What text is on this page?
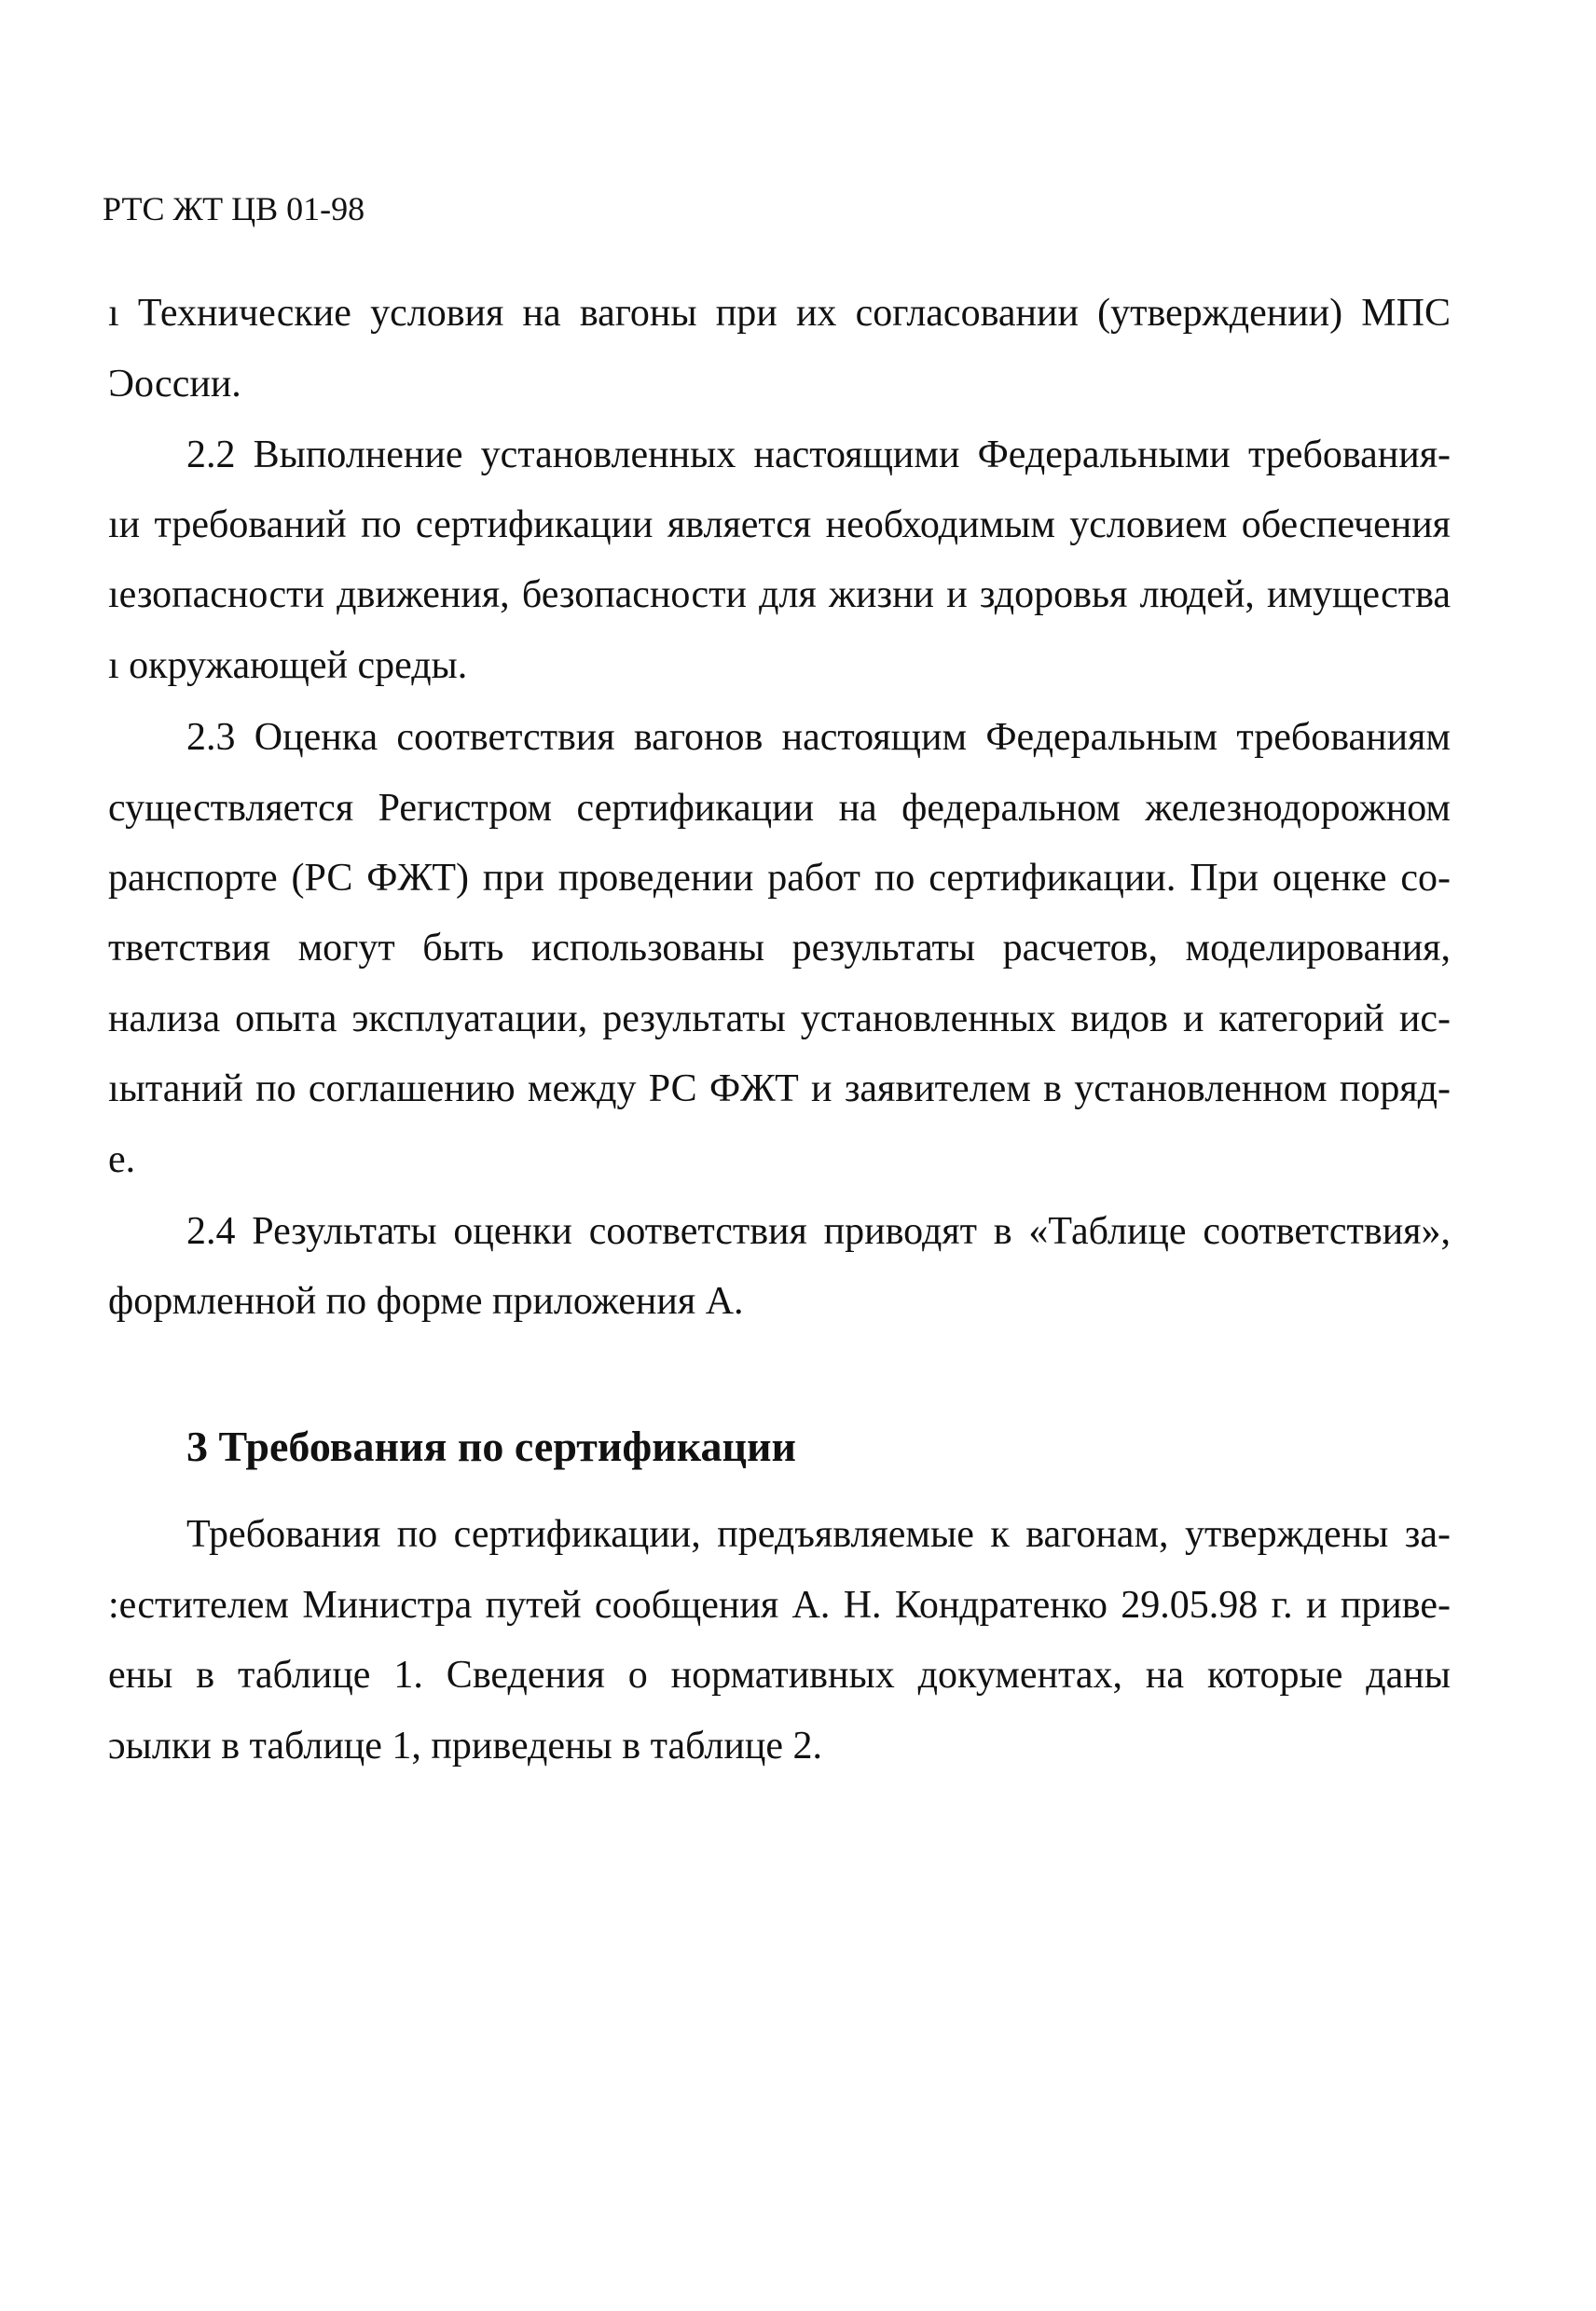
РТС ЖТ ЦВ 01-98
ı Технические условия на вагоны при их согласовании (утверждении) МПС
Ɔоссии.
2.2 Выполнение установленных настоящими Федеральными требования-
ıи требований по сертификации является необходимым условием обеспечения
ıезопасности движения, безопасности для жизни и здоровья людей, имущества
ı окружающей среды.
2.3 Оценка соответствия вагонов настоящим Федеральным требованиям
существляется Регистром сертификации на федеральном железнодорожном
ранспорте (РС ФЖТ) при проведении работ по сертификации. При оценке со-
тветствия могут быть использованы результаты расчетов, моделирования,
нализа опыта эксплуатации, результаты установленных видов и категорий ис-
ıытаний по соглашению между РС ФЖТ и заявителем в установленном поряд-
е.
2.4 Результаты оценки соответствия приводят в «Таблице соответствия»,
формленной по форме приложения А.
3 Требования по сертификации
Требования по сертификации, предъявляемые к вагонам, утверждены за-
:естителем Министра путей сообщения А. Н. Кондратенко 29.05.98 г. и приве-
ены в таблице 1. Сведения о нормативных документах, на которые даны
ɔылки в таблице 1, приведены в таблице 2.
